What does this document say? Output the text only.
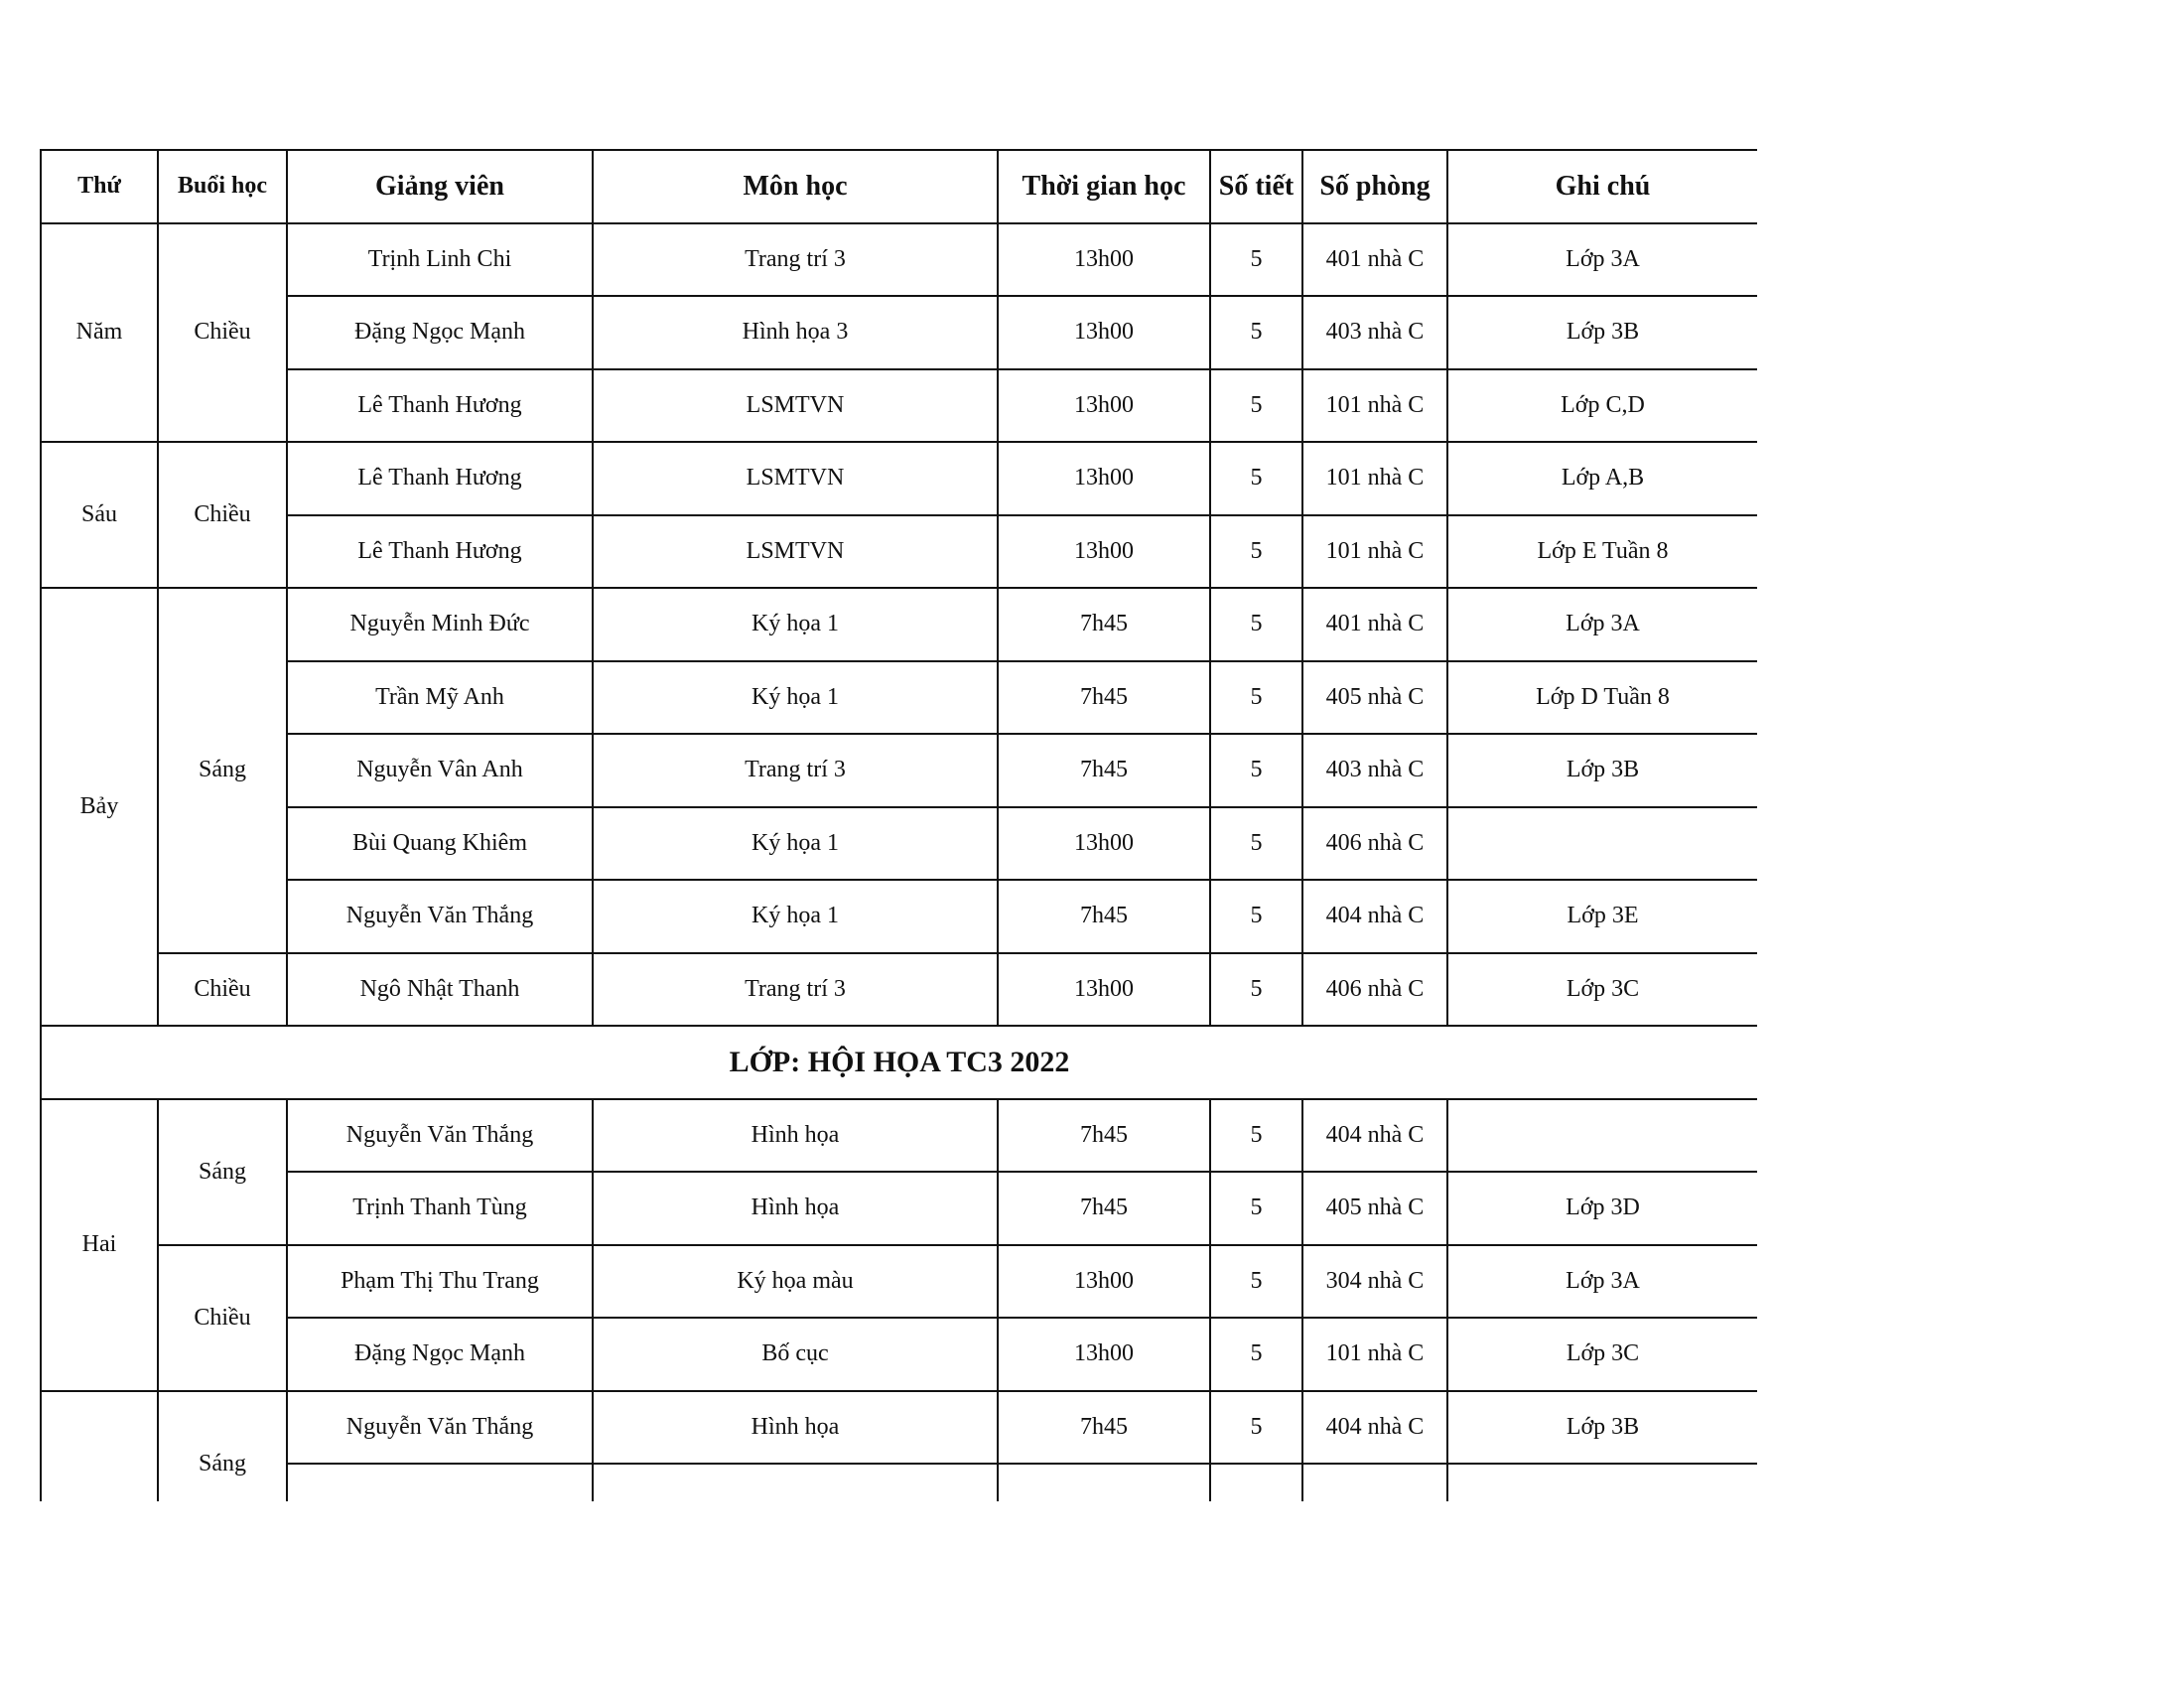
Thứ	Buổi học	Giảng viên	Môn học	Thời gian học	Số tiết	Số phòng	Ghi chú
Năm	Chiều	Trịnh Linh Chi	Trang trí 3	13h00	5	401 nhà C	Lớp 3A
		Đặng Ngọc Mạnh	Hình họa 3	13h00	5	403 nhà C	Lớp 3B
		Lê Thanh Hương	LSMTVN	13h00	5	101 nhà C	Lớp C,D
Sáu	Chiều	Lê Thanh Hương	LSMTVN	13h00	5	101 nhà C	Lớp A,B
		Lê Thanh Hương	LSMTVN	13h00	5	101 nhà C	Lớp E Tuần 8
Bảy	Sáng	Nguyễn Minh Đức	Ký họa 1	7h45	5	401 nhà C	Lớp 3A
		Trần Mỹ Anh	Ký họa 1	7h45	5	405 nhà C	Lớp D Tuần 8
		Nguyễn Vân Anh	Trang trí 3	7h45	5	403 nhà C	Lớp 3B
		Bùi Quang Khiêm	Ký họa 1	13h00	5	406 nhà C	
		Nguyễn Văn Thắng	Ký họa 1	7h45	5	404 nhà C	Lớp 3E
	Chiều	Ngô Nhật Thanh	Trang trí 3	13h00	5	406 nhà C	Lớp 3C
LỚP: HỘI HỌA TC3 2022							
Hai	Sáng	Nguyễn Văn Thắng	Hình họa	7h45	5	404 nhà C	
		Trịnh Thanh Tùng	Hình họa	7h45	5	405 nhà C	Lớp 3D
	Chiều	Phạm Thị Thu Trang	Ký họa màu	13h00	5	304 nhà C	Lớp 3A
		Đặng Ngọc Mạnh	Bố cục	13h00	5	101 nhà C	Lớp 3C
	Sáng	Nguyễn Văn Thắng	Hình họa	7h45	5	404 nhà C	Lớp 3B
